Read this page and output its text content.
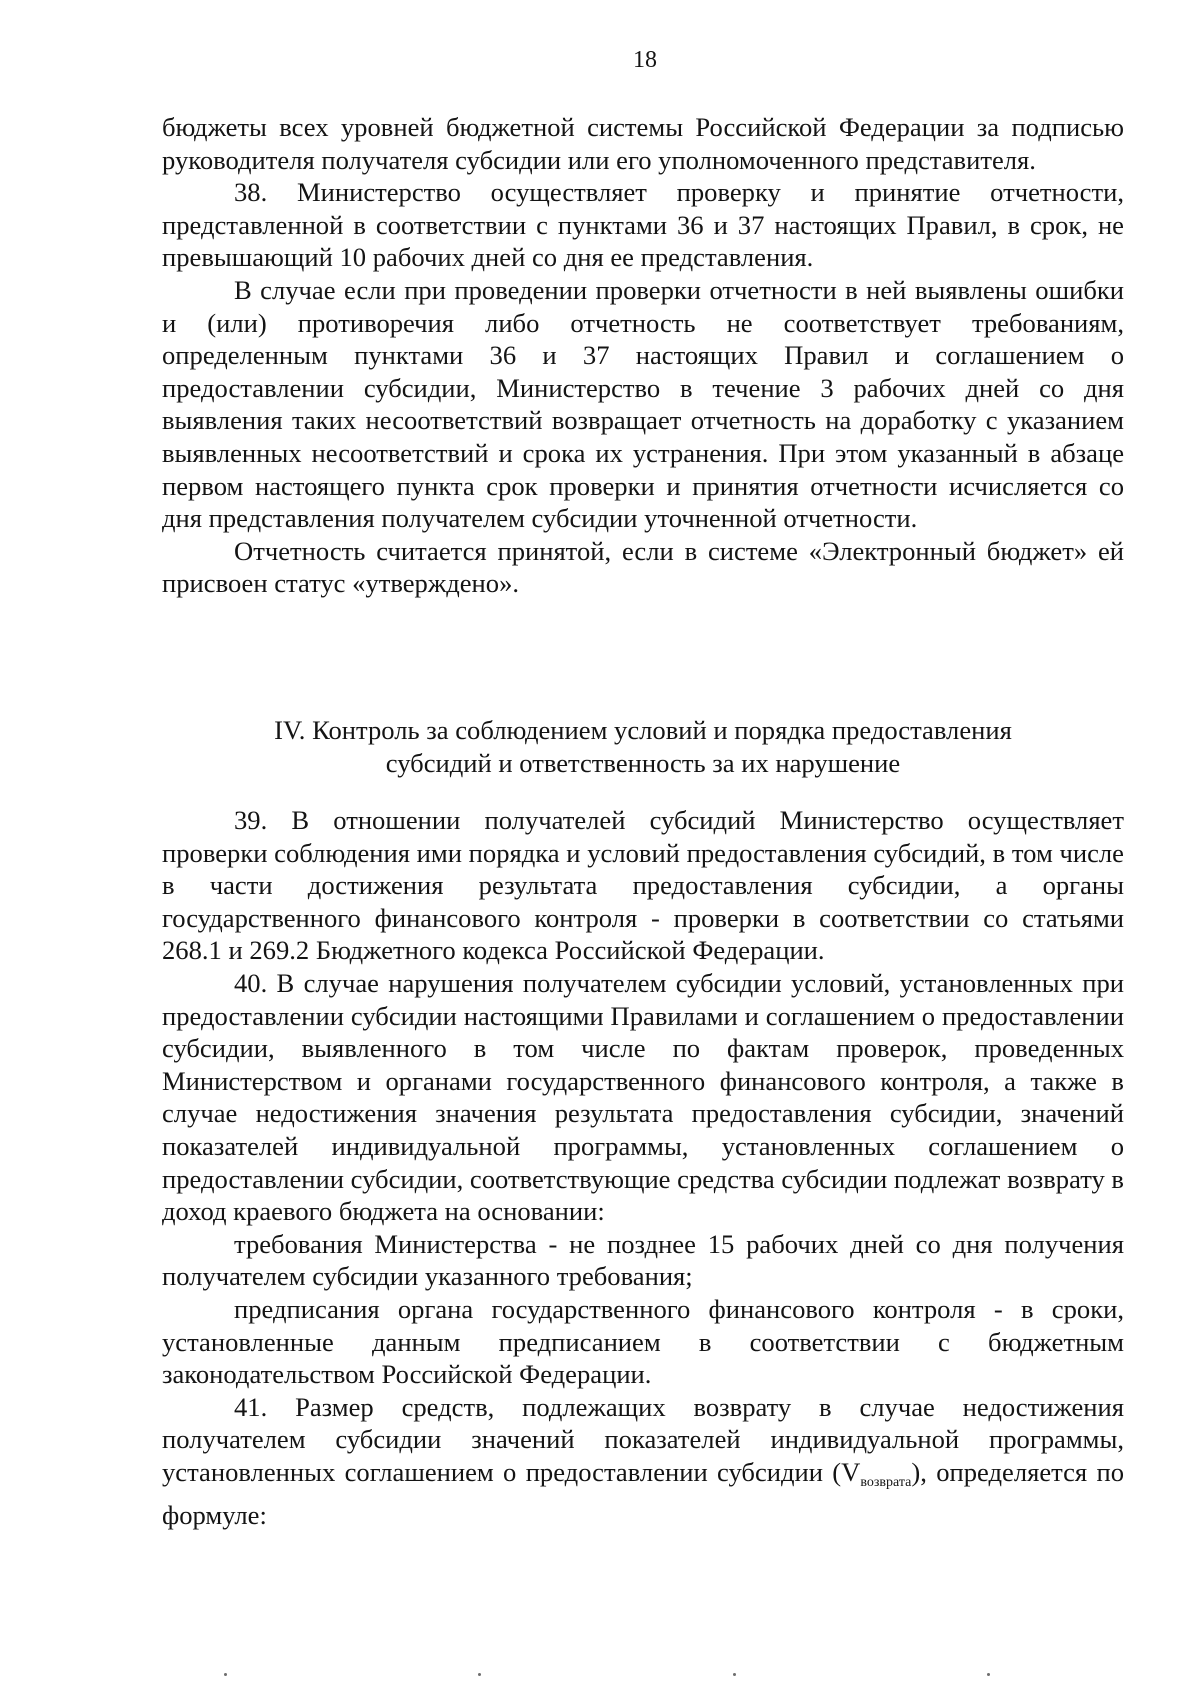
18

бюджеты всех уровней бюджетной системы Российской Федерации за подписью руководителя получателя субсидии или его уполномоченного представителя.

38. Министерство осуществляет проверку и принятие отчетности, представленной в соответствии с пунктами 36 и 37 настоящих Правил, в срок, не превышающий 10 рабочих дней со дня ее представления.

В случае если при проведении проверки отчетности в ней выявлены ошибки и (или) противоречия либо отчетность не соответствует требованиям, определенным пунктами 36 и 37 настоящих Правил и соглашением о предоставлении субсидии, Министерство в течение 3 рабочих дней со дня выявления таких несоответствий возвращает отчетность на доработку с указанием выявленных несоответствий и срока их устранения. При этом указанный в абзаце первом настоящего пункта срок проверки и принятия отчетности исчисляется со дня представления получателем субсидии уточненной отчетности.

Отчетность считается принятой, если в системе «Электронный бюджет» ей присвоен статус «утверждено».

IV. Контроль за соблюдением условий и порядка предоставления
субсидий и ответственность за их нарушение

39. В отношении получателей субсидий Министерство осуществляет проверки соблюдения ими порядка и условий предоставления субсидий, в том числе в части достижения результата предоставления субсидии, а органы государственного финансового контроля - проверки в соответствии со статьями 268.1 и 269.2 Бюджетного кодекса Российской Федерации.

40. В случае нарушения получателем субсидии условий, установленных при предоставлении субсидии настоящими Правилами и соглашением о предоставлении субсидии, выявленного в том числе по фактам проверок, проведенных Министерством и органами государственного финансового контроля, а также в случае недостижения значения результата предоставления субсидии, значений показателей индивидуальной программы, установленных соглашением о предоставлении субсидии, соответствующие средства субсидии подлежат возврату в доход краевого бюджета на основании:

требования Министерства - не позднее 15 рабочих дней со дня получения получателем субсидии указанного требования;

предписания органа государственного финансового контроля - в сроки, установленные данным предписанием в соответствии с бюджетным законодательством Российской Федерации.

41. Размер средств, подлежащих возврату в случае недостижения получателем субсидии значений показателей индивидуальной программы, установленных соглашением о предоставлении субсидии $(V_{возврата})$, определяется по формуле:
